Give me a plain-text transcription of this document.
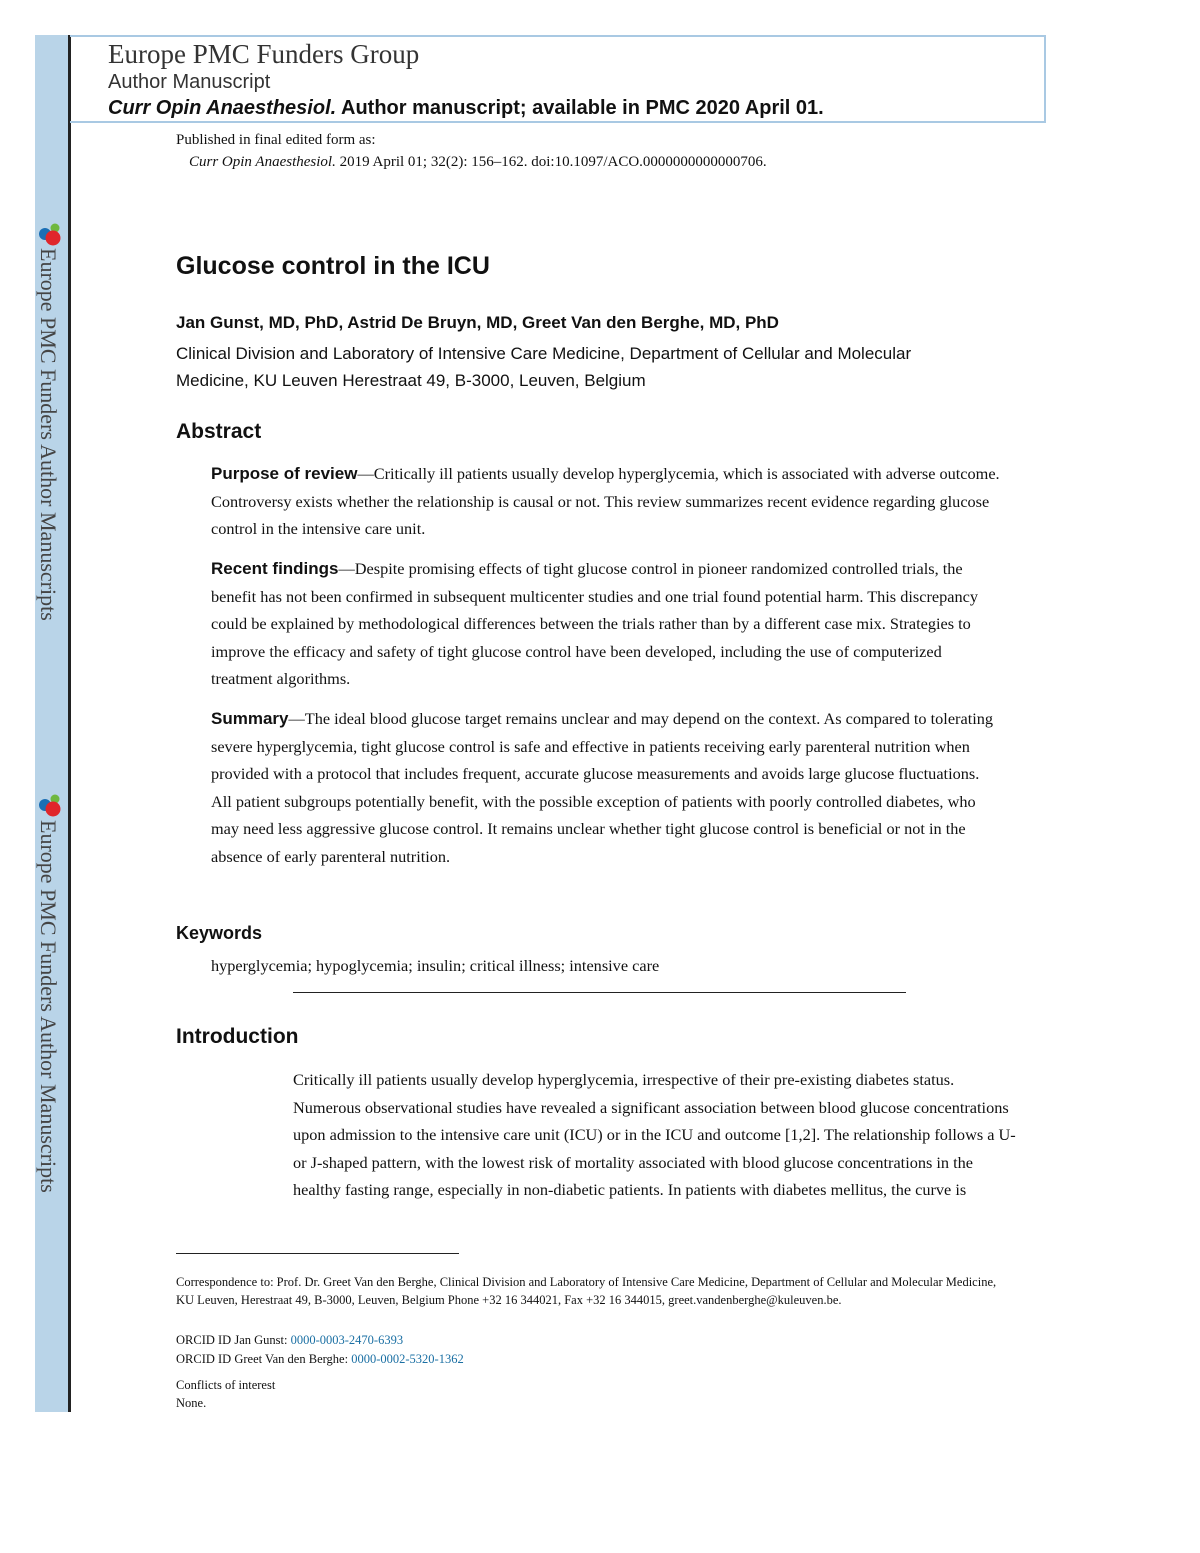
Europe PMC Funders Author Manuscripts
Europe PMC Funders Author Manuscripts
Europe PMC Funders Group
Author Manuscript
Curr Opin Anaesthesiol. Author manuscript; available in PMC 2020 April 01.
Published in final edited form as:
Curr Opin Anaesthesiol. 2019 April 01; 32(2): 156–162. doi:10.1097/ACO.0000000000000706.
Glucose control in the ICU
Jan Gunst, MD, PhD, Astrid De Bruyn, MD, Greet Van den Berghe, MD, PhD
Clinical Division and Laboratory of Intensive Care Medicine, Department of Cellular and Molecular Medicine, KU Leuven Herestraat 49, B-3000, Leuven, Belgium
Abstract
Purpose of review—Critically ill patients usually develop hyperglycemia, which is associated with adverse outcome. Controversy exists whether the relationship is causal or not. This review summarizes recent evidence regarding glucose control in the intensive care unit.
Recent findings—Despite promising effects of tight glucose control in pioneer randomized controlled trials, the benefit has not been confirmed in subsequent multicenter studies and one trial found potential harm. This discrepancy could be explained by methodological differences between the trials rather than by a different case mix. Strategies to improve the efficacy and safety of tight glucose control have been developed, including the use of computerized treatment algorithms.
Summary—The ideal blood glucose target remains unclear and may depend on the context. As compared to tolerating severe hyperglycemia, tight glucose control is safe and effective in patients receiving early parenteral nutrition when provided with a protocol that includes frequent, accurate glucose measurements and avoids large glucose fluctuations. All patient subgroups potentially benefit, with the possible exception of patients with poorly controlled diabetes, who may need less aggressive glucose control. It remains unclear whether tight glucose control is beneficial or not in the absence of early parenteral nutrition.
Keywords
hyperglycemia; hypoglycemia; insulin; critical illness; intensive care
Introduction
Critically ill patients usually develop hyperglycemia, irrespective of their pre-existing diabetes status. Numerous observational studies have revealed a significant association between blood glucose concentrations upon admission to the intensive care unit (ICU) or in the ICU and outcome [1,2]. The relationship follows a U- or J-shaped pattern, with the lowest risk of mortality associated with blood glucose concentrations in the healthy fasting range, especially in non-diabetic patients. In patients with diabetes mellitus, the curve is
Correspondence to: Prof. Dr. Greet Van den Berghe, Clinical Division and Laboratory of Intensive Care Medicine, Department of Cellular and Molecular Medicine, KU Leuven, Herestraat 49, B-3000, Leuven, Belgium Phone +32 16 344021, Fax +32 16 344015, greet.vandenberghe@kuleuven.be.
ORCID ID Jan Gunst: 0000-0003-2470-6393
ORCID ID Greet Van den Berghe: 0000-0002-5320-1362
Conflicts of interest
None.
